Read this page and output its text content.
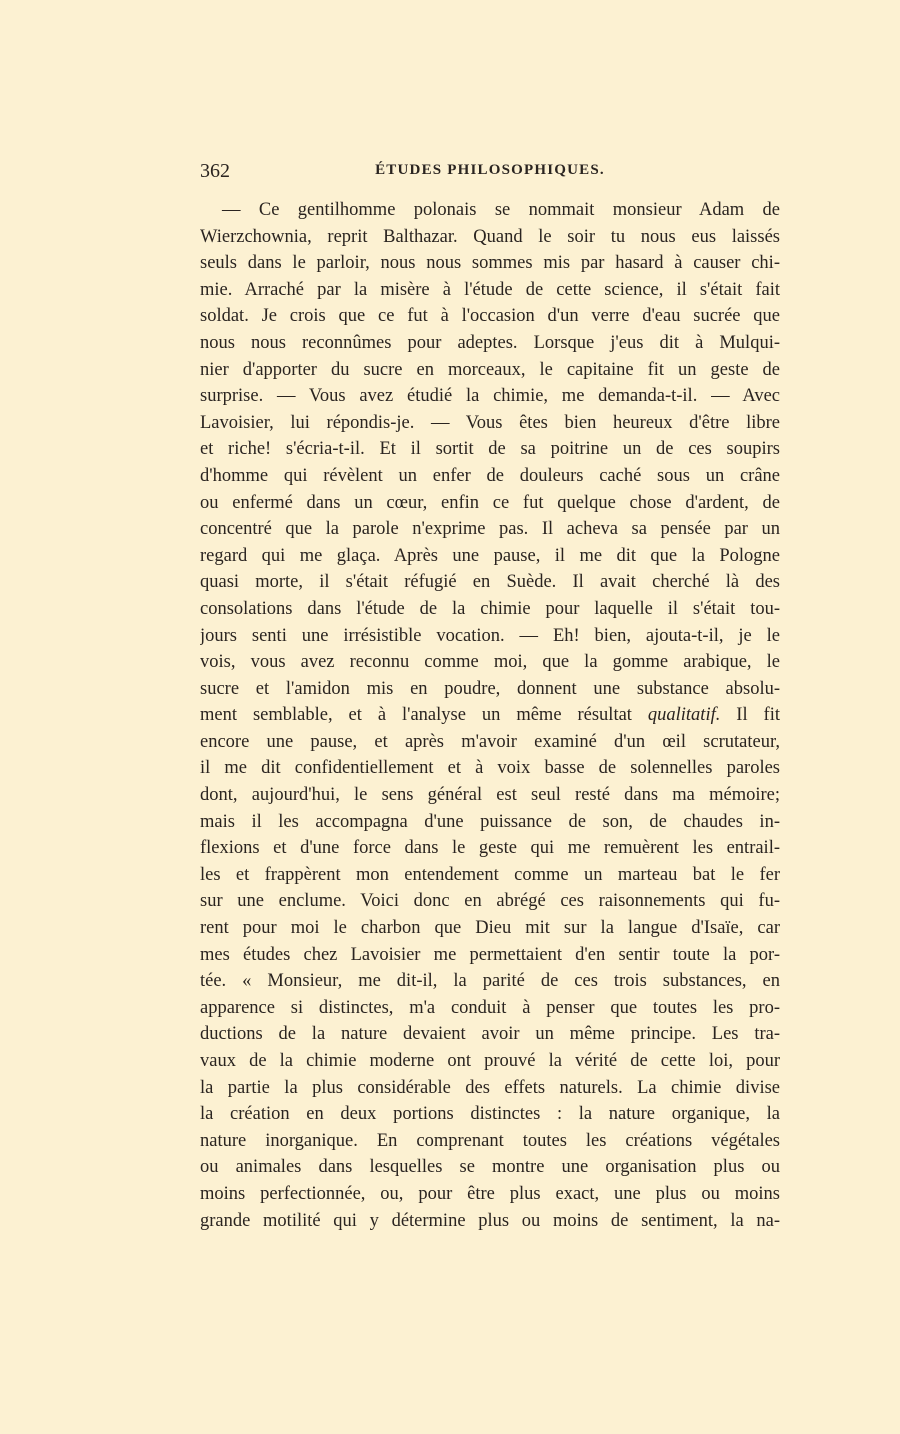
362	ÉTUDES PHILOSOPHIQUES.
— Ce gentilhomme polonais se nommait monsieur Adam de
Wierzchownia, reprit Balthazar. Quand le soir tu nous eus laissés
seuls dans le parloir, nous nous sommes mis par hasard à causer chi-
mie. Arraché par la misère à l'étude de cette science, il s'était fait
soldat. Je crois que ce fut à l'occasion d'un verre d'eau sucrée que
nous nous reconnûmes pour adeptes. Lorsque j'eus dit à Mulqui-
nier d'apporter du sucre en morceaux, le capitaine fit un geste de
surprise. — Vous avez étudié la chimie, me demanda-t-il. — Avec
Lavoisier, lui répondis-je. — Vous êtes bien heureux d'être libre
et riche! s'écria-t-il. Et il sortit de sa poitrine un de ces soupirs
d'homme qui révèlent un enfer de douleurs caché sous un crâne
ou enfermé dans un cœur, enfin ce fut quelque chose d'ardent, de
concentré que la parole n'exprime pas. Il acheva sa pensée par un
regard qui me glaça. Après une pause, il me dit que la Pologne
quasi morte, il s'était réfugié en Suède. Il avait cherché là des
consolations dans l'étude de la chimie pour laquelle il s'était tou-
jours senti une irrésistible vocation. — Eh! bien, ajouta-t-il, je le
vois, vous avez reconnu comme moi, que la gomme arabique, le
sucre et l'amidon mis en poudre, donnent une substance absolu-
ment semblable, et à l'analyse un même résultat qualitatif. Il fit
encore une pause, et après m'avoir examiné d'un œil scrutateur,
il me dit confidentiellement et à voix basse de solennelles paroles
dont, aujourd'hui, le sens général est seul resté dans ma mémoire;
mais il les accompagna d'une puissance de son, de chaudes in-
flexions et d'une force dans le geste qui me remuèrent les entrail-
les et frappèrent mon entendement comme un marteau bat le fer
sur une enclume. Voici donc en abrégé ces raisonnements qui fu-
rent pour moi le charbon que Dieu mit sur la langue d'Isaïe, car
mes études chez Lavoisier me permettaient d'en sentir toute la por-
tée. « Monsieur, me dit-il, la parité de ces trois substances, en
apparence si distinctes, m'a conduit à penser que toutes les pro-
ductions de la nature devaient avoir un même principe. Les tra-
vaux de la chimie moderne ont prouvé la vérité de cette loi, pour
la partie la plus considérable des effets naturels. La chimie divise
la création en deux portions distinctes : la nature organique, la
nature inorganique. En comprenant toutes les créations végétales
ou animales dans lesquelles se montre une organisation plus ou
moins perfectionnée, ou, pour être plus exact, une plus ou moins
grande motilité qui y détermine plus ou moins de sentiment, la na-
